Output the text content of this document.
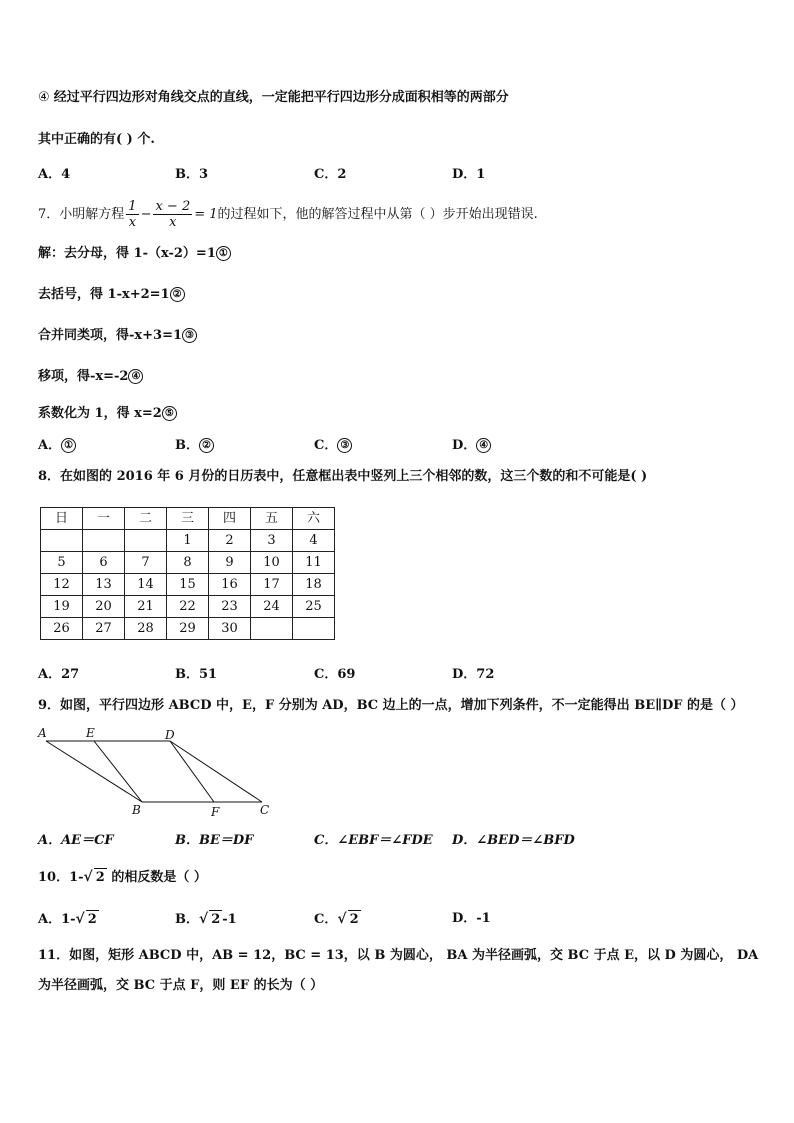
④ 经过平行四边形对角线交点的直线，一定能把平行四边形分成面积相等的两部分
其中正确的有( ) 个.
A．4	B．3	C．2	D．1
7．小明解方程 $\frac{1}{x} - \frac{x - 2}{x} = 1$的过程如下，他的解答过程中从第（ ）步开始出现错误.
解：去分母，得 1-（x-2）=1 ①
去括号，得 1-x+2=1 ②
合并同类项，得-x+3=1 ③
移项，得-x=-2 ④
系数化为 1，得 x=2 ⑤
A． ①	B． ②	C． ③	D． ④
8．在如图的 2016 年 6 月份的日历表中，任意框出表中竖列上三个相邻的数，这三个数的和不可能是( )
日	一	二	三	四	五	六
			1	2	3	4
5	6	7	8	9	10	11
12	13	14	15	16	17	18
19	20	21	22	23	24	25
26	27	28	29	30		
A．27	B．51	C．69	D．72
9．如图，平行四边形 ABCD 中，E，F 分别为 AD，BC 边上的一点，增加下列条件，不一定能得出 BE∥DF 的是（ ）
A	E	D
B	F	C
A．AE＝CF	B．BE＝DF	C．∠EBF＝∠FDE D．∠BED＝∠BFD
10．1-√ 2 的相反数是（ ）
A．1-√ 2	B．√ 2 -1	C．√ 2	D．-1
11．如图，矩形 ABCD 中，AB = 12，BC = 13，以 B 为圆心， BA 为半径画弧，交 BC 于点 E，以 D 为圆心， DA
为半径画弧，交 BC 于点 F，则 EF 的长为（ ）
